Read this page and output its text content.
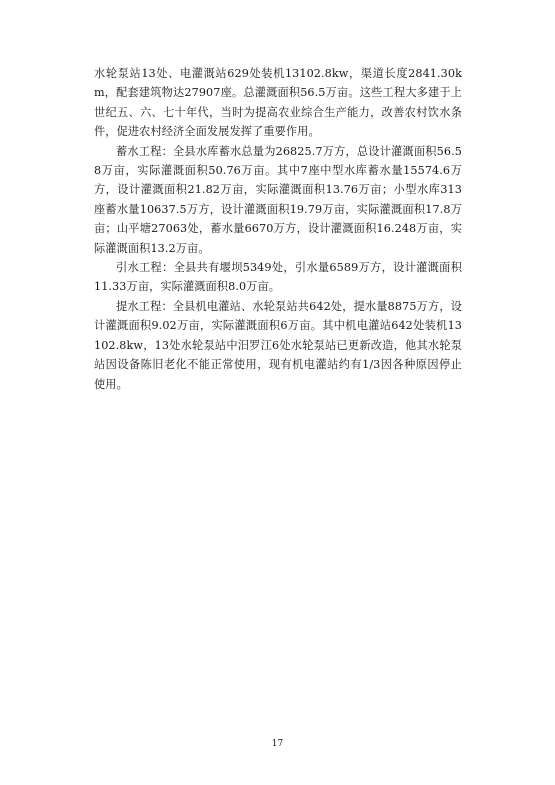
水轮泵站13处、电灌溉站629处装机13102.8kw，渠道长度2841.30km，配套建筑物达27907座。总灌溉面积56.5万亩。这些工程大多建于上世纪五、六、七十年代，当时为提高农业综合生产能力，改善农村饮水条件，促进农村经济全面发展发挥了重要作用。

蓄水工程：全县水库蓄水总量为26825.7万方，总设计灌溉面积56.58万亩，实际灌溉面积50.76万亩。其中7座中型水库蓄水量15574.6万方，设计灌溉面积21.82万亩，实际灌溉面积13.76万亩；小型水库313座蓄水量10637.5万方，设计灌溉面积19.79万亩，实际灌溉面积17.8万亩；山平塘27063处，蓄水量6670万方，设计灌溉面积16.248万亩，实际灌溉面积13.2万亩。

引水工程：全县共有堰坝5349处，引水量6589万方，设计灌溉面积11.33万亩，实际灌溉面积8.0万亩。

提水工程：全县机电灌站、水轮泵站共642处，提水量8875万方，设计灌溉面积9.02万亩，实际灌溉面积6万亩。其中机电灌站642处装机13102.8kw，13处水轮泵站中汨罗江6处水轮泵站已更新改造，他其水轮泵站因设备陈旧老化不能正常使用，现有机电灌站约有1/3因各种原因停止使用。

17
